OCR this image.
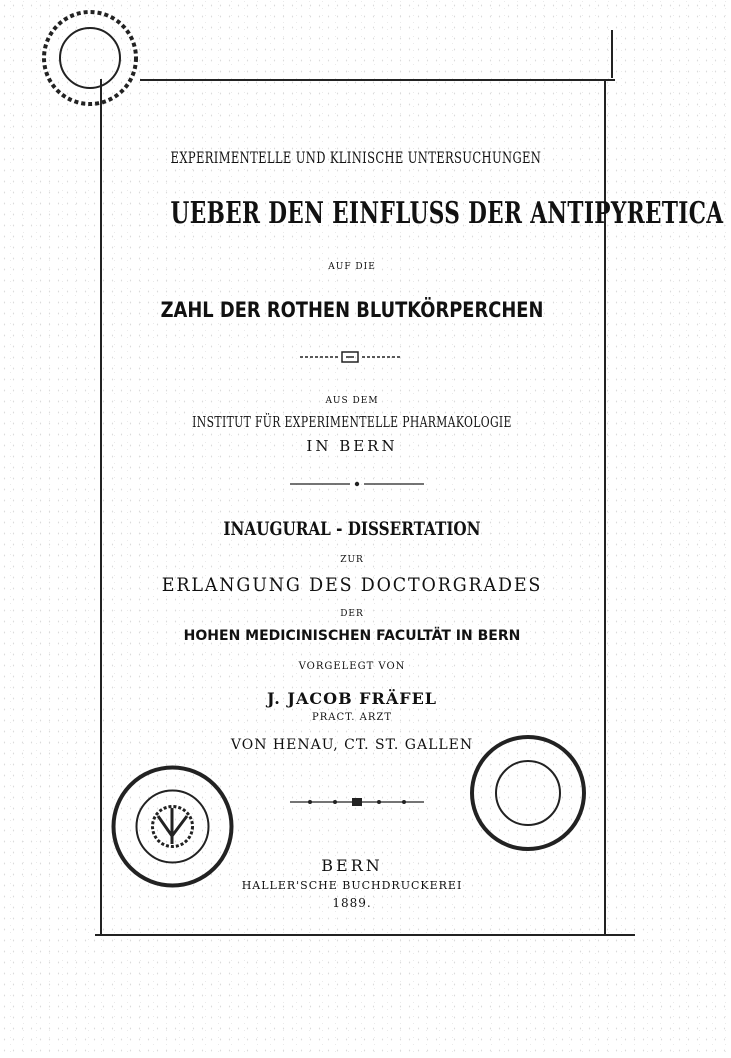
EXPERIMENTELLE UND KLINISCHE UNTERSUCHUNGEN
UEBER DEN EINFLUSS DER ANTIPYRETICA
AUF DIE
ZAHL DER ROTHEN BLUTKÖRPERCHEN
AUS DEM
INSTITUT FÜR EXPERIMENTELLE PHARMAKOLOGIE
IN BERN
INAUGURAL - DISSERTATION
ZUR
ERLANGUNG DES DOCTORGRADES
DER
HOHEN MEDICINISCHEN FACULTÄT IN BERN
VORGELEGT VON
J. JACOB FRÄFEL
PRACT. ARZT
VON HENAU, CT. ST. GALLEN
BERN
HALLER'SCHE BUCHDRUCKEREI
1889.
